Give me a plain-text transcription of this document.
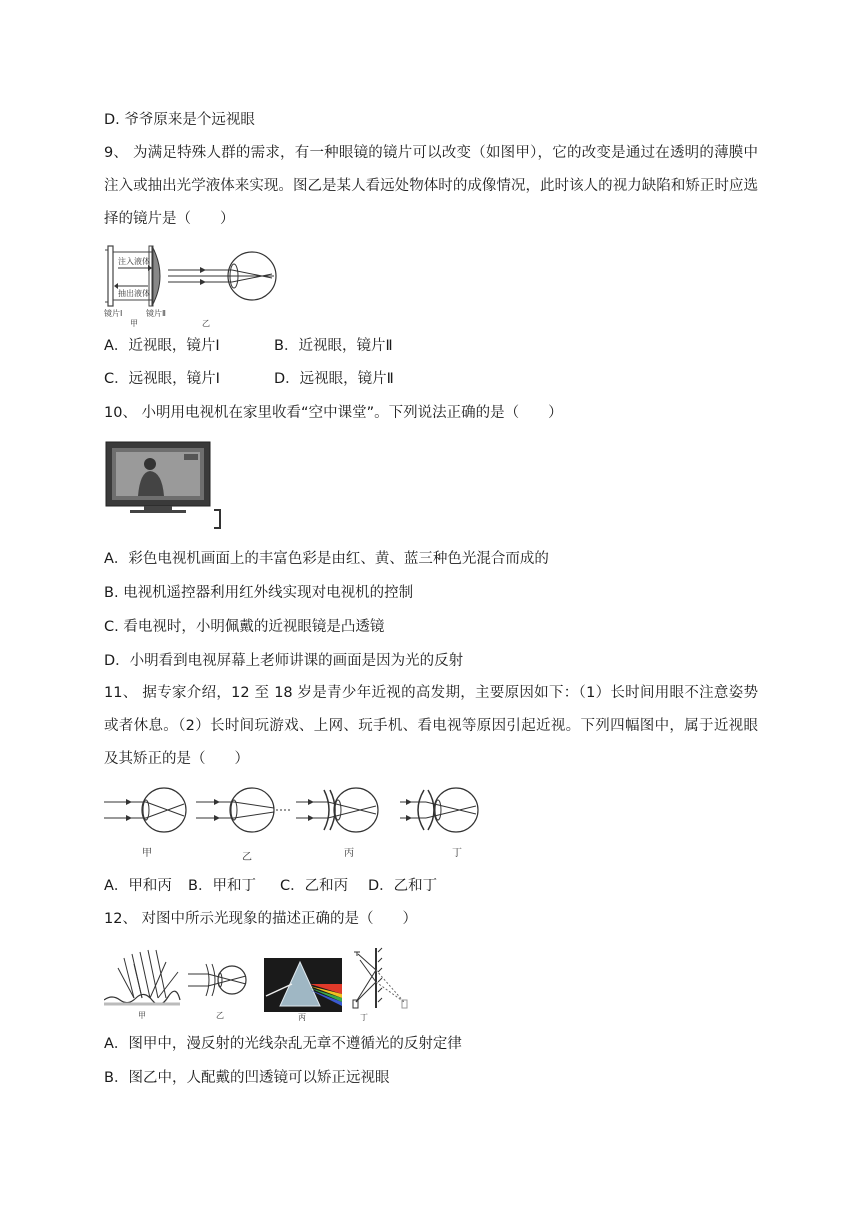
D. 爷爷原来是个远视眼
9、 为满足特殊人群的需求，有一种眼镜的镜片可以改变（如图甲），它的改变是通过在透明的薄膜中注入或抽出光学液体来实现。图乙是某人看远处物体时的成像情况，此时该人的视力缺陷和矫正时应选择的镜片是（　　）
注入液体
抽出液体
镜片Ⅰ	镜片Ⅱ
甲	乙
A．近视眼，镜片Ⅰ	B．近视眼，镜片Ⅱ
C．远视眼，镜片I	D．远视眼，镜片Ⅱ
10、 小明用电视机在家里收看“空中课堂”。下列说法正确的是（　　）
A．彩色电视机画面上的丰富色彩是由红、黄、蓝三种色光混合而成的
B. 电视机遥控器利用红外线实现对电视机的控制
C. 看电视时，小明佩戴的近视眼镜是凸透镜
D．小明看到电视屏幕上老师讲课的画面是因为光的反射
11、 据专家介绍，12 至 18 岁是青少年近视的高发期，主要原因如下：（1）长时间用眼不注意姿势或者休息。（2）长时间玩游戏、上网、玩手机、看电视等原因引起近视。下列四幅图中，属于近视眼及其矫正的是（　　）
甲	乙	丙	丁
A．甲和丙 B．甲和丁 C．乙和丙 D．乙和丁
12、 对图中所示光现象的描述正确的是（　　）
甲	乙	丙	丁
A．图甲中，漫反射的光线杂乱无章不遵循光的反射定律
B．图乙中，人配戴的凹透镜可以矫正远视眼
